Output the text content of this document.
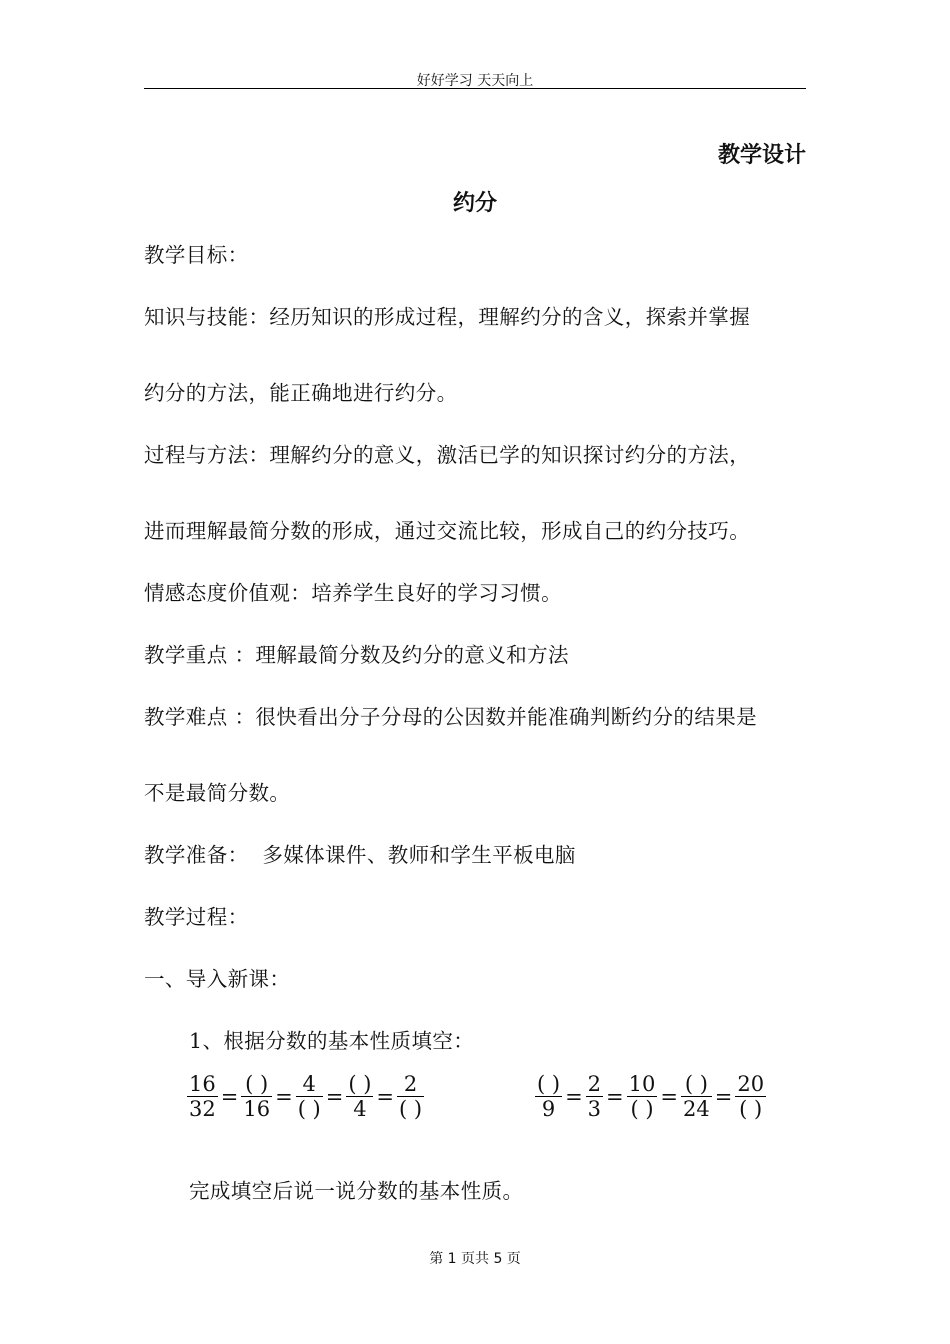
好好学习 天天向上
教学设计
约分
教学目标：
知识与技能：经历知识的形成过程，理解约分的含义，探索并掌握
约分的方法，能正确地进行约分。
过程与方法：理解约分的意义，激活已学的知识探讨约分的方法，
进而理解最简分数的形成，通过交流比较，形成自己的约分技巧。
情感态度价值观：培养学生良好的学习习惯。
教学重点 ：理解最简分数及约分的意义和方法
教学难点 ：很快看出分子分母的公因数并能准确判断约分的结果是
不是最简分数。
教学准备：  多媒体课件、教师和学生平板电脑
教学过程：
一、导入新课：
1、根据分数的基本性质填空：
$\frac{16}{32} = \frac{( )}{16} = \frac{4}{( )} = \frac{( )}{4} = \frac{2}{( )}$	$\frac{( )}{9} = \frac{2}{3} = \frac{10}{( )} = \frac{( )}{24} = \frac{20}{( )}$
完成填空后说一说分数的基本性质。
第 1 页共 5 页
